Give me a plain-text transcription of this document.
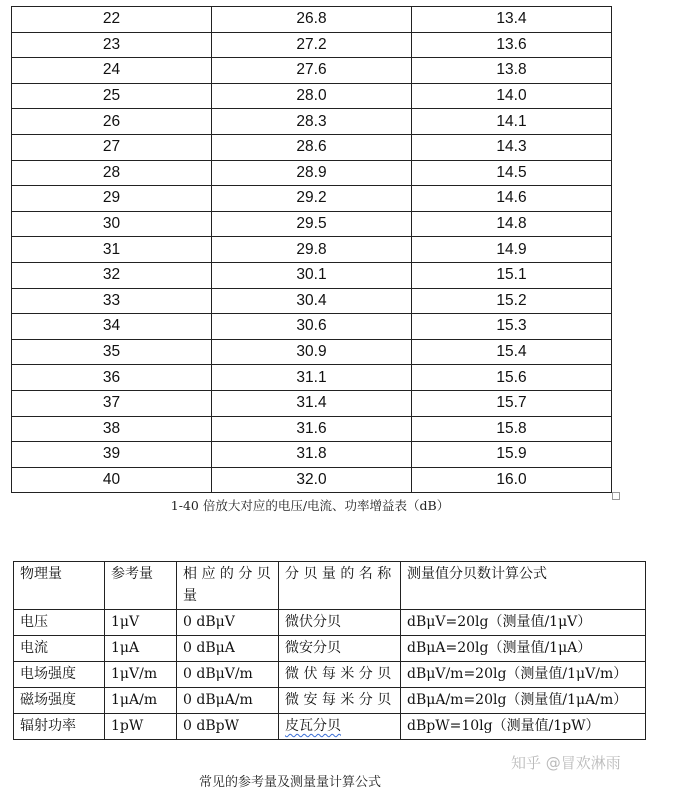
22	26.8	13.4
23	27.2	13.6
24	27.6	13.8
25	28.0	14.0
26	28.3	14.1
27	28.6	14.3
28	28.9	14.5
29	29.2	14.6
30	29.5	14.8
31	29.8	14.9
32	30.1	15.1
33	30.4	15.2
34	30.6	15.3
35	30.9	15.4
36	31.1	15.6
37	31.4	15.7
38	31.6	15.8
39	31.8	15.9
40	32.0	16.0
1-40 倍放大对应的电压/电流、功率增益表（dB）
物理量	参考量	相 应 的 分 贝量	分 贝 量 的 名 称	测量值分贝数计算公式
电压	1μV	0 dBμV	微伏分贝	dBμV=20lg（测量值/1μV）
电流	1μA	0 dBμA	微安分贝	dBμA=20lg（测量值/1μA）
电场强度	1μV/m	0 dBμV/m	微 伏 每 米 分 贝	dBμV/m=20lg（测量值/1μV/m）
磁场强度	1μA/m	0 dBμA/m	微 安 每 米 分 贝	dBμA/m=20lg（测量值/1μA/m）
辐射功率	1pW	0 dBpW	皮瓦分贝	dBpW=10lg（测量值/1pW）
常见的参考量及测量量计算公式
知乎 @冒欢淋雨
